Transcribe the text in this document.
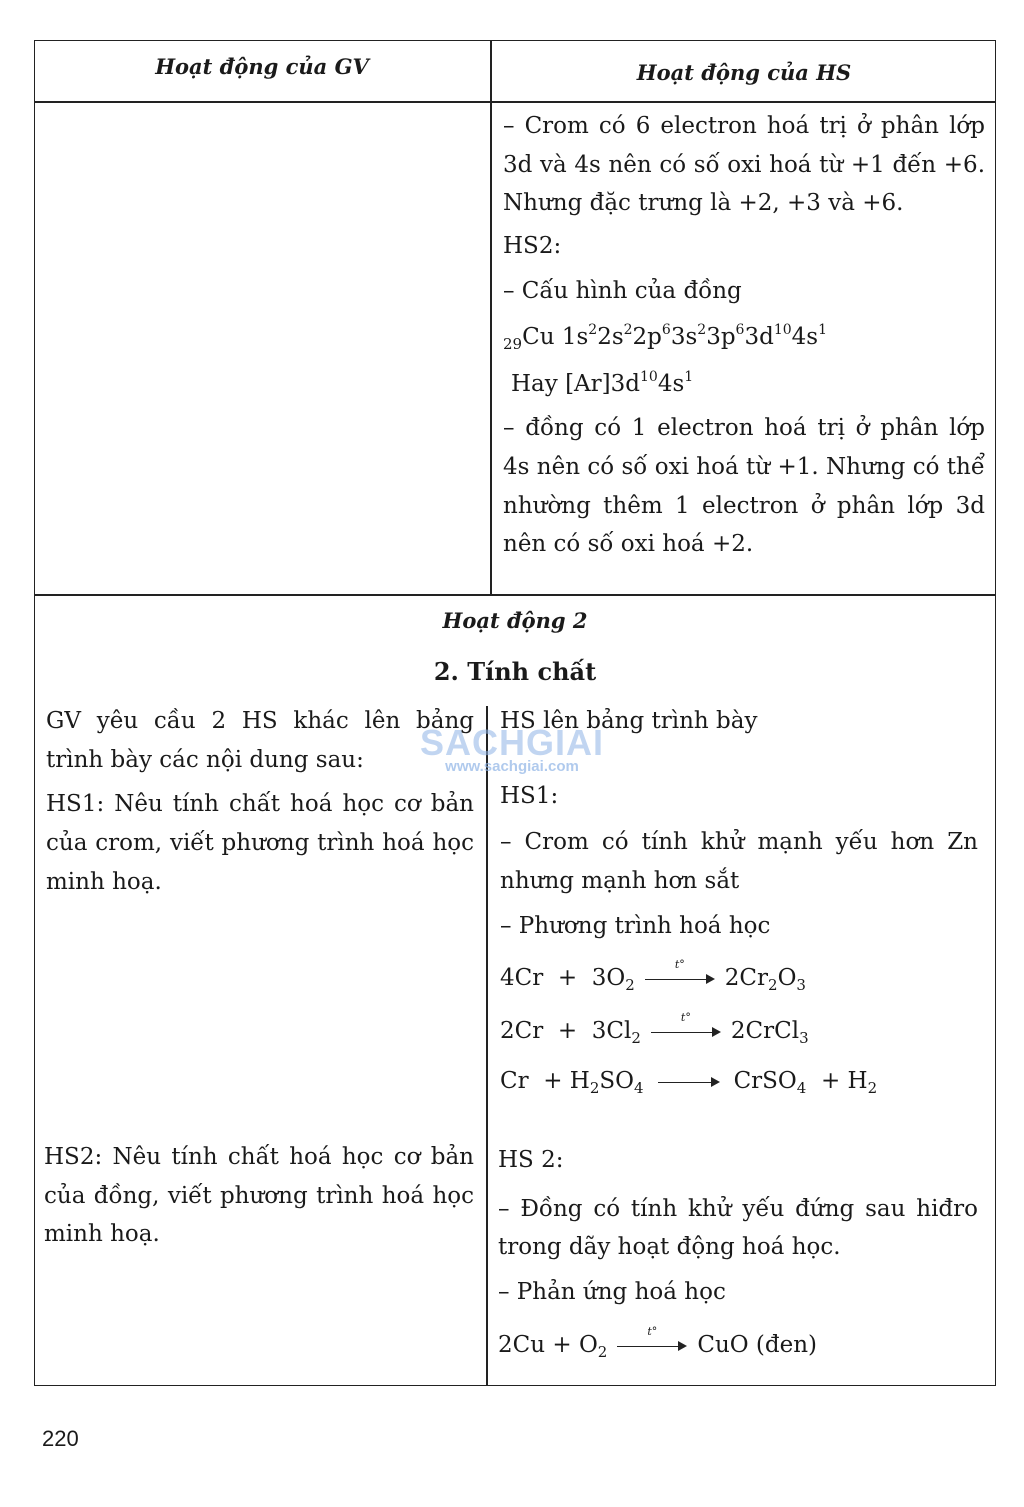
Hoạt động của GV	Hoạt động của HS

– Crom có 6 electron hoá trị ở phân lớp 3d và 4s nên có số oxi hoá từ +1 đến +6. Nhưng đặc trưng là +2, +3 và +6.

HS2:

– Cấu hình của đồng

$_{29}$Cu $1s^22s^22p^63s^23p^63d^{10}4s^1$

Hay $[Ar]3d^{10}4s^1$

– đồng có 1 electron hoá trị ở phân lớp 4s nên có số oxi hoá từ +1. Nhưng có thể nhường thêm 1 electron ở phân lớp 3d nên có số oxi hoá +2.

Hoạt động 2
2. Tính chất

GV yêu cầu 2 HS khác lên bảng trình bày các nội dung sau:

HS1: Nêu tính chất hoá học cơ bản của crom, viết phương trình hoá học minh hoạ.

HS2: Nêu tính chất hoá học cơ bản của đồng, viết phương trình hoá học minh hoạ.

HS lên bảng trình bày

HS1:

– Crom có tính khử mạnh yếu hơn Zn nhưng mạnh hơn sắt

– Phương trình hoá học

$4Cr + 3O_2$
t°
$2Cr_2O_3$

$2Cr + 3Cl_2$
t°
2CrCl$_3$

$Cr + H_2SO_4$	CrSO$_4$  + $H_2$

HS 2:

– Đồng có tính khử yếu đứng sau hiđro trong dãy hoạt động hoá học.

– Phản ứng hoá học

$2Cu + O_2$
t°
CuO (đen)

SACHGIAI
www.sachgiai.com
220
